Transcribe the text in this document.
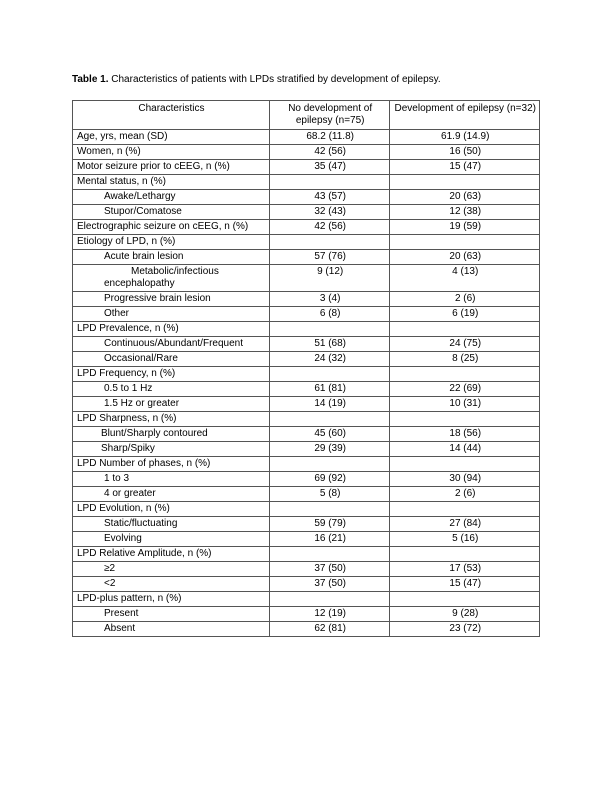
Table 1. Characteristics of patients with LPDs stratified by development of epilepsy.
Characteristics	No development of epilepsy (n=75)	Development of epilepsy (n=32)
Age, yrs, mean (SD)	68.2 (11.8)	61.9 (14.9)
Women, n (%)	42 (56)	16 (50)
Motor seizure prior to cEEG, n (%)	35 (47)	15 (47)
Mental status, n (%)		
Awake/Lethargy	43 (57)	20 (63)
Stupor/Comatose	32 (43)	12 (38)
Electrographic seizure on cEEG, n (%)	42 (56)	19 (59)
Etiology of LPD, n (%)		
Acute brain lesion	57 (76)	20 (63)
Metabolic/infectious encephalopathy	9 (12)	4 (13)
Progressive brain lesion	3 (4)	2 (6)
Other	6 (8)	6 (19)
LPD Prevalence, n (%)		
Continuous/Abundant/Frequent	51 (68)	24 (75)
Occasional/Rare	24 (32)	8 (25)
LPD Frequency, n (%)		
0.5 to 1 Hz	61 (81)	22 (69)
1.5 Hz or greater	14 (19)	10 (31)
LPD Sharpness, n (%)		
Blunt/Sharply contoured	45 (60)	18 (56)
Sharp/Spiky	29 (39)	14 (44)
LPD Number of phases, n (%)		
1 to 3	69 (92)	30 (94)
4 or greater	5 (8)	2 (6)
LPD Evolution, n (%)		
Static/fluctuating	59 (79)	27 (84)
Evolving	16 (21)	5 (16)
LPD Relative Amplitude, n (%)		
≥2	37 (50)	17 (53)
<2	37 (50)	15 (47)
LPD-plus pattern, n (%)		
Present	12 (19)	9 (28)
Absent	62 (81)	23 (72)
